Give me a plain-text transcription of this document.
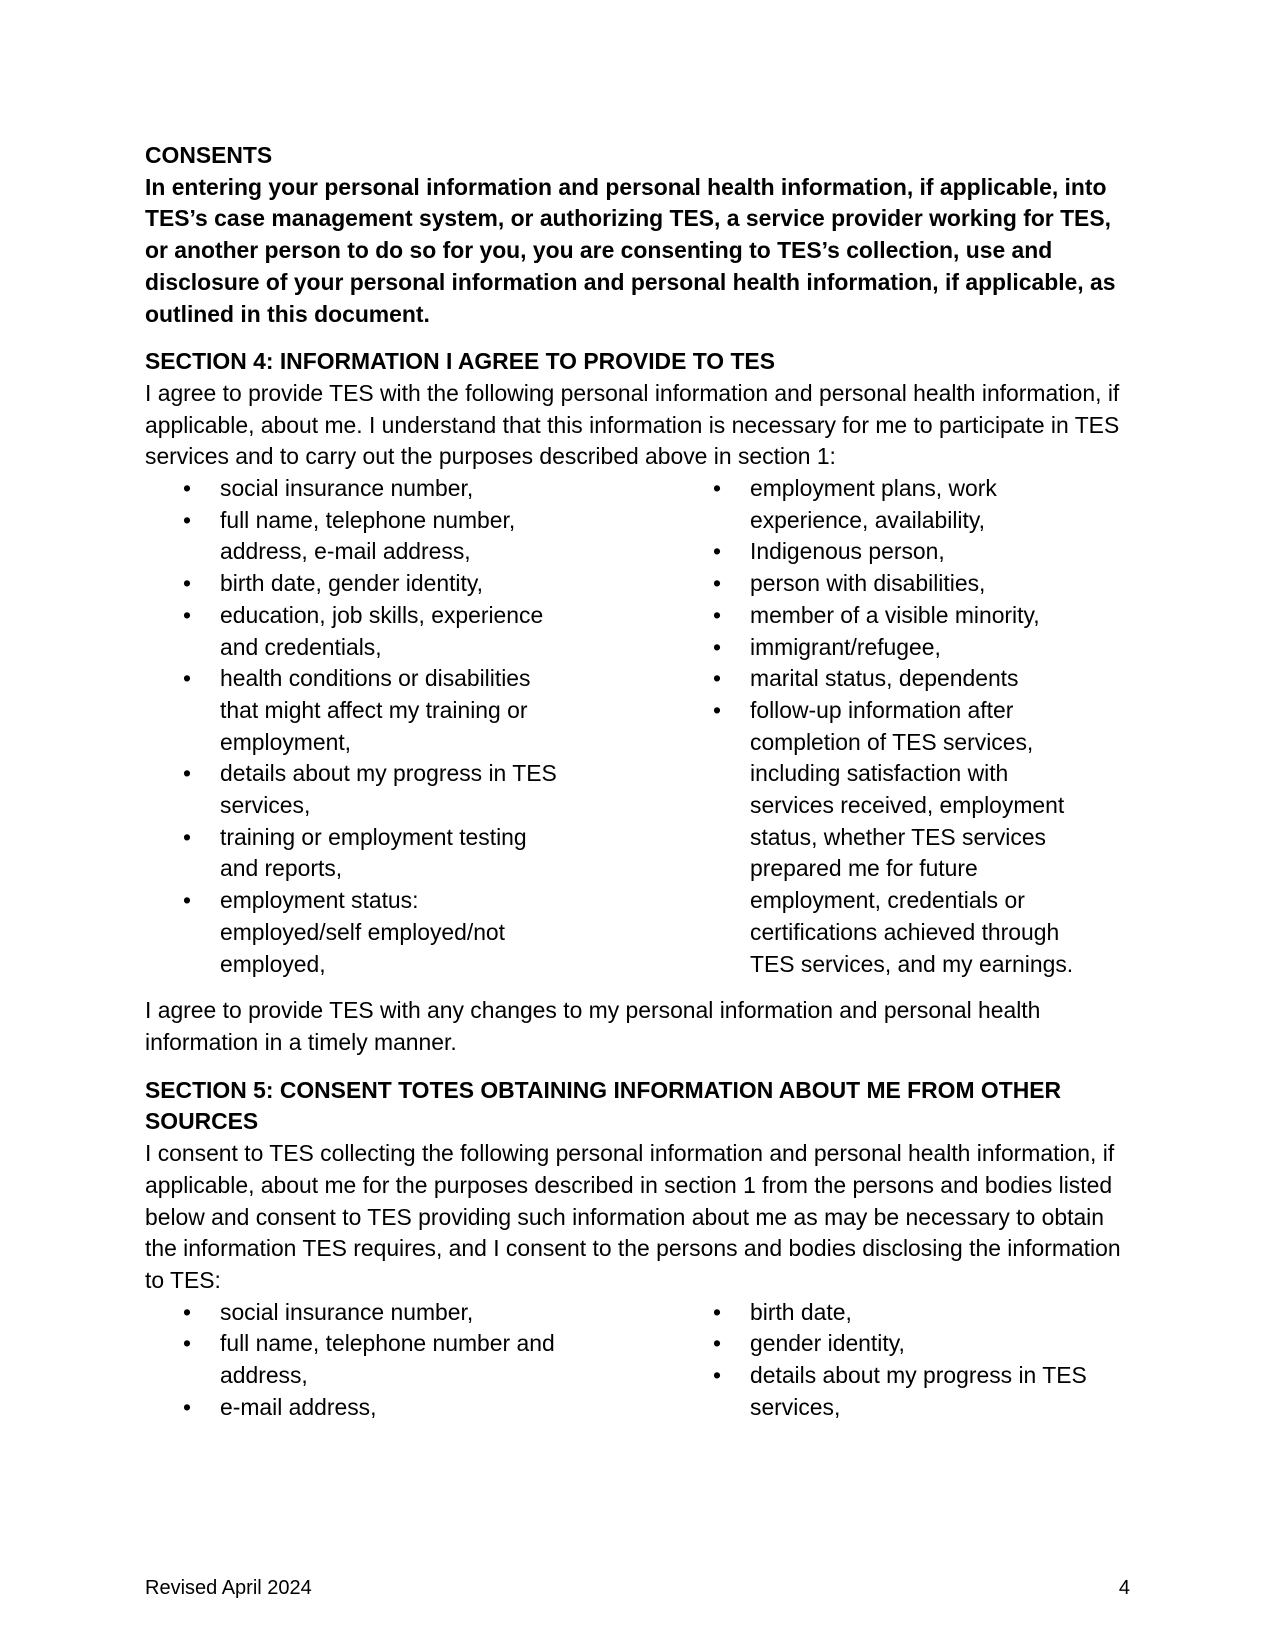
CONSENTS

In entering your personal information and personal health information, if applicable, into TES’s case management system, or authorizing TES, a service provider working for TES, or another person to do so for you, you are consenting to TES’s collection, use and disclosure of your personal information and personal health information, if applicable, as outlined in this document.

SECTION 4: INFORMATION I AGREE TO PROVIDE TO TES

I agree to provide TES with the following personal information and personal health information, if applicable, about me. I understand that this information is necessary for me to participate in TES services and to carry out the purposes described above in section 1:

• social insurance number,
• full name, telephone number, address, e-mail address,
• birth date, gender identity,
• education, job skills, experience and credentials,
• health conditions or disabilities that might affect my training or employment,
• details about my progress in TES services,
• training or employment testing and reports,
• employment status: employed/self employed/not employed,
• employment plans, work experience, availability,
• Indigenous person,
• person with disabilities,
• member of a visible minority,
• immigrant/refugee,
• marital status, dependents
• follow-up information after completion of TES services, including satisfaction with services received, employment status, whether TES services prepared me for future employment, credentials or certifications achieved through TES services, and my earnings.

I agree to provide TES with any changes to my personal information and personal health information in a timely manner.

SECTION 5: CONSENT TOTES OBTAINING INFORMATION ABOUT ME FROM OTHER SOURCES

I consent to TES collecting the following personal information and personal health information, if applicable, about me for the purposes described in section 1 from the persons and bodies listed below and consent to TES providing such information about me as may be necessary to obtain the information TES requires, and I consent to the persons and bodies disclosing the information to TES:

• social insurance number,
• full name, telephone number and address,
• e-mail address,
• birth date,
• gender identity,
• details about my progress in TES services,
Revised April 2024	4
